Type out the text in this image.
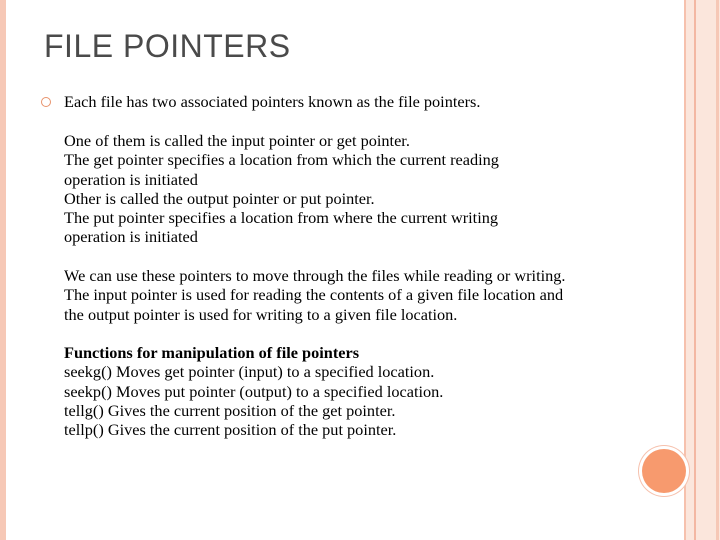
FILE POINTERS
Each file has two associated pointers known as the file pointers.
One of them is called the input pointer or get pointer.
The get pointer specifies a location from which the current reading
operation is initiated
Other is called the output pointer or put pointer.
The put pointer specifies a location from where the current writing
operation is initiated
We can use these pointers to move through the files while reading or writing.
The input pointer is used for reading the contents of a given file location and
the output pointer is used for writing to a given file location.
Functions for manipulation of file pointers
seekg() Moves get pointer (input) to a specified location.
seekp() Moves put pointer (output) to a specified location.
tellg() Gives the current position of the get pointer.
tellp() Gives the current position of the put pointer.
